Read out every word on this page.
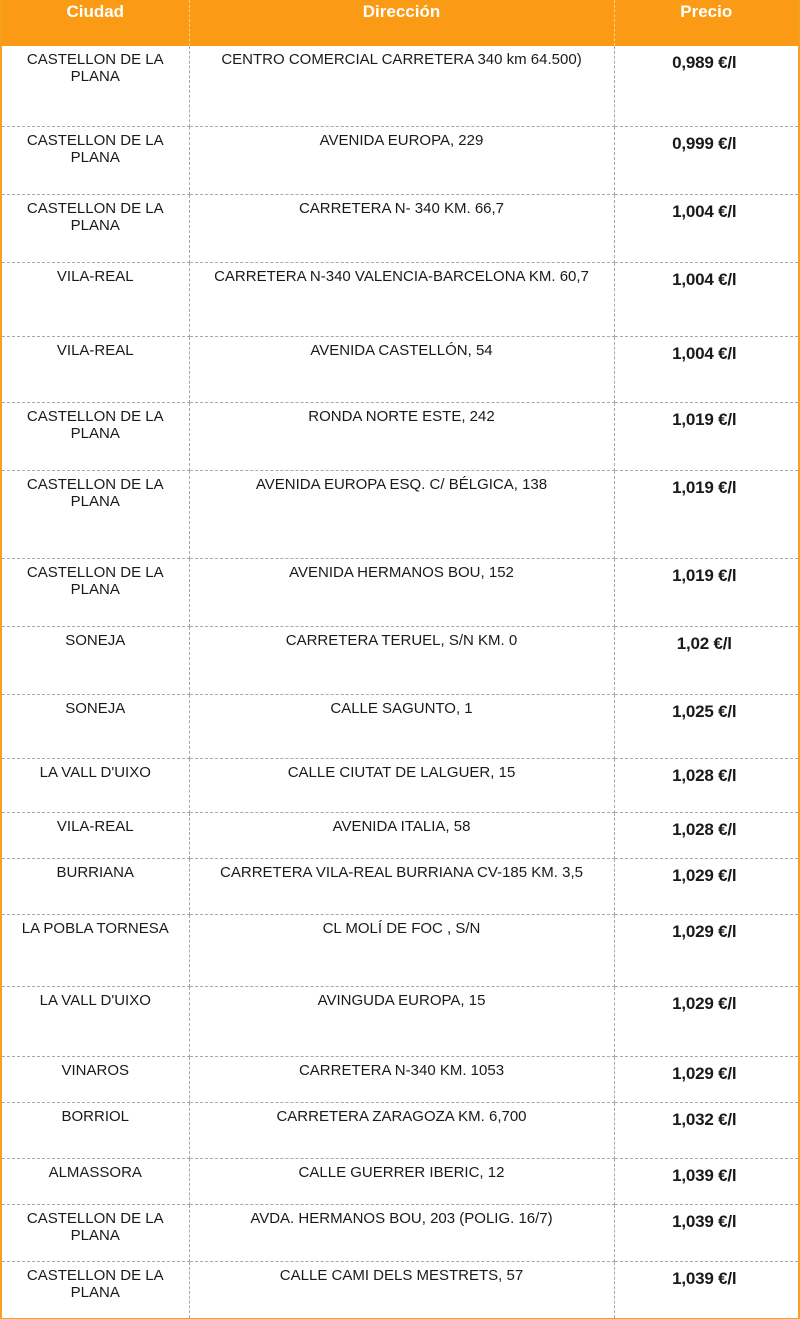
Ciudad	Dirección	Precio
CASTELLON DE LA PLANA	CENTRO COMERCIAL CARRETERA 340 km 64.500)	0,989 €/l
CASTELLON DE LA PLANA	AVENIDA EUROPA, 229	0,999 €/l
CASTELLON DE LA PLANA	CARRETERA N- 340 KM. 66,7	1,004 €/l
VILA-REAL	CARRETERA N-340 VALENCIA-BARCELONA KM. 60,7	1,004 €/l
VILA-REAL	AVENIDA CASTELLÓN, 54	1,004 €/l
CASTELLON DE LA PLANA	RONDA NORTE ESTE, 242	1,019 €/l
CASTELLON DE LA PLANA	AVENIDA EUROPA ESQ. C/ BÉLGICA, 138	1,019 €/l
CASTELLON DE LA PLANA	AVENIDA HERMANOS BOU, 152	1,019 €/l
SONEJA	CARRETERA TERUEL, S/N KM. 0	1,02 €/l
SONEJA	CALLE SAGUNTO, 1	1,025 €/l
LA VALL D'UIXO	CALLE CIUTAT DE LALGUER, 15	1,028 €/l
VILA-REAL	AVENIDA ITALIA, 58	1,028 €/l
BURRIANA	CARRETERA VILA-REAL BURRIANA CV-185 KM. 3,5	1,029 €/l
LA POBLA TORNESA	CL MOLÍ DE FOC , S/N	1,029 €/l
LA VALL D'UIXO	AVINGUDA EUROPA, 15	1,029 €/l
VINAROS	CARRETERA N-340 KM. 1053	1,029 €/l
BORRIOL	CARRETERA ZARAGOZA KM. 6,700	1,032 €/l
ALMASSORA	CALLE GUERRER IBERIC, 12	1,039 €/l
CASTELLON DE LA PLANA	AVDA. HERMANOS BOU, 203 (POLIG. 16/7)	1,039 €/l
CASTELLON DE LA PLANA	CALLE CAMI DELS MESTRETS, 57	1,039 €/l
